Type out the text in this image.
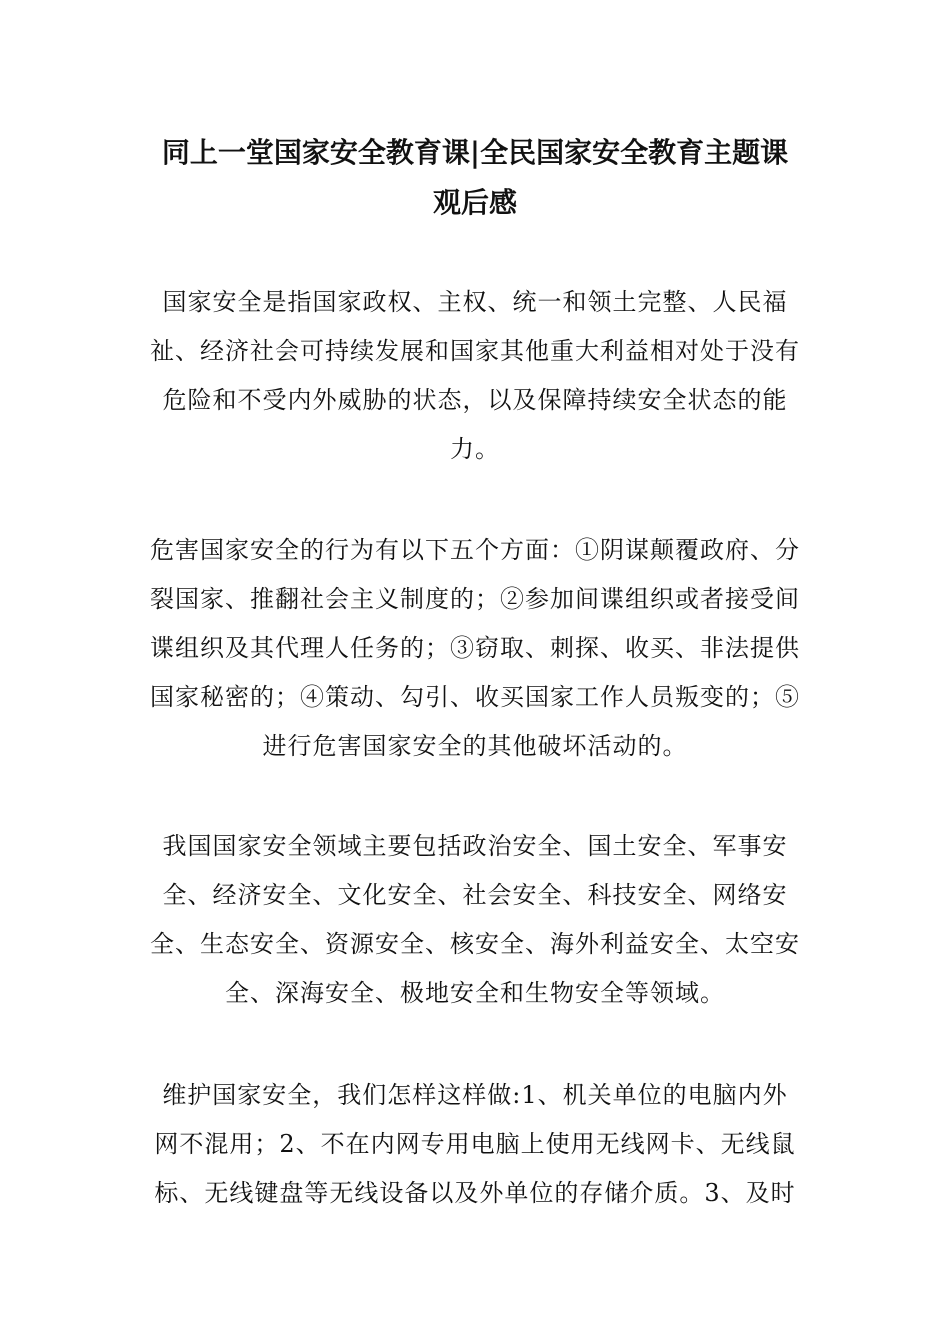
同上一堂国家安全教育课|全民国家安全教育主题课观后感

国家安全是指国家政权、主权、统一和领土完整、人民福祉、经济社会可持续发展和国家其他重大利益相对处于没有危险和不受内外威胁的状态，以及保障持续安全状态的能力。

危害国家安全的行为有以下五个方面：①阴谋颠覆政府、分裂国家、推翻社会主义制度的；②参加间谍组织或者接受间谍组织及其代理人任务的；③窃取、刺探、收买、非法提供国家秘密的；④策动、勾引、收买国家工作人员叛变的；⑤进行危害国家安全的其他破坏活动的。

我国国家安全领域主要包括政治安全、国土安全、军事安全、经济安全、文化安全、社会安全、科技安全、网络安全、生态安全、资源安全、核安全、海外利益安全、太空安全、深海安全、极地安全和生物安全等领域。

维护国家安全，我们怎样这样做:1、机关单位的电脑内外网不混用；2、不在内网专用电脑上使用无线网卡、无线鼠标、无线键盘等无线设备以及外单位的存储介质。3、及时
